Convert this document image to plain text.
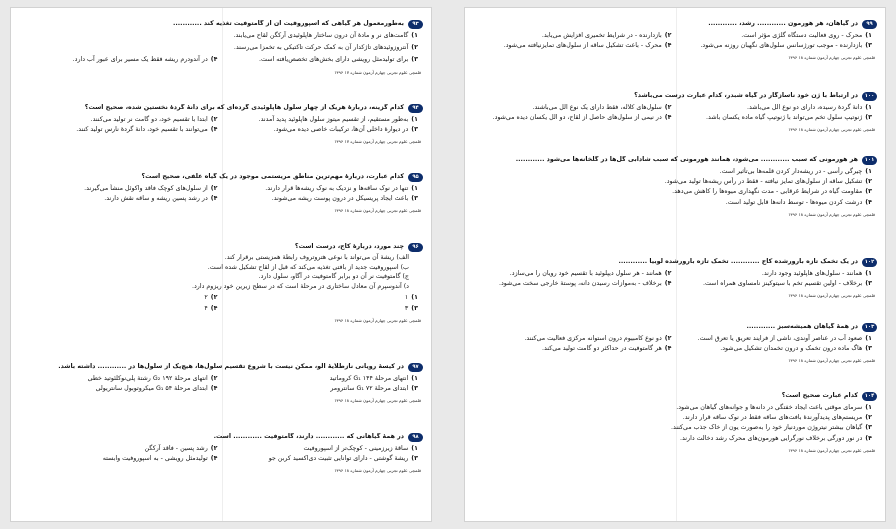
۹۹
در گیاهان، هر هورمون ............ رشد، ............
۱)
محرک - روی فعالیت دستگاه گلژی مؤثر است.
۲)
بازدارنده - در شرایط تخمیری افزایش می‌یابد.
۳)
بازدارنده - موجب تورژسانس سلول‌های نگهبان روزنه می‌شود.
۴)
محرک - باعث تشکیل ساقه از سلول‌های تمایزنیافته می‌شود.
قلمچی علوم تجربی چهارم آزمون شماره ۱۸ ۱۳۹۶
۱۰۰
در ارتباط با ژن خود ناسازگار در گیاه شبدر، کدام عبارت درست می‌باشد؟
۱)
دانهٔ گردهٔ رسیده، دارای دو نوع الل می‌باشد.
۲)
سلول‌های کلاله، فقط دارای یک نوع الل می‌باشند.
۳)
ژنوتیپ سلول تخم می‌تواند با ژنوتیپ گیاه ماده یکسان باشد.
۴)
در نیمی از سلول‌های حاصل از لقاح، دو الل یکسان دیده می‌شود.
قلمچی علوم تجربی چهارم آزمون شماره ۱۸ ۱۳۹۶
۱۰۱
هر هورمونی که سبب ............ می‌شود، همانند هورمونی که سبب شادابی گل‌ها در گلخانه‌ها می‌شود ............
۱)
چیرگی رأسی - در ریشه‌دار کردن قلمه‌ها بی‌تأثیر است.
۲)
تشکیل ساقه از سلول‌های تمایز نیافته - فقط در رأس ریشه‌ها تولید می‌شود.
۳)
مقاومت گیاه در شرایط غرقابی - مدت نگهداری میوه‌ها را کاهش می‌دهد.
۴)
درشت کردن میوه‌ها - توسط دانه‌ها قابل تولید است.
قلمچی علوم تجربی چهارم آزمون شماره ۱۸ ۱۳۹۶
۱۰۲
در یک تخمک تازه بارورشده کاج ............ تخمک تازه بارورشده لوبیا ............
۱)
همانند - سلول‌های هاپلوئید وجود دارند.
۲)
همانند - هر سلول دیپلوئید با تقسیم خود رویان را می‌سازد.
۳)
برخلاف - اولین تقسیم تخم با سیتوکینز نامساوی همراه است.
۴)
برخلاف - به‌موازات رسیدن دانه، پوستهٔ خارجی سخت می‌شود.
قلمچی علوم تجربی چهارم آزمون شماره ۱۸ ۱۳۹۶
۱۰۳
در همهٔ گیاهان همیشه‌سبز ............
۱)
صعود آب در عناصر آوندی، ناشی از فرایند تعریق یا تعرق است.
۲)
دو نوع کامبیوم درون استوانه مرکزی فعالیت می‌کنند.
۳)
هاگ ماده درون تخمک و درون تخمدان تشکیل می‌شود.
۴)
هر گامتوفیت در حداکثر دو گامت تولید می‌کند.
قلمچی علوم تجربی چهارم آزمون شماره ۱۸ ۱۳۹۶
۱۰۴
کدام عبارت صحیح است؟
۱)
سرمای موقتی باعث ایجاد خفتگی در دانه‌ها و جوانه‌های گیاهان می‌شود.
۲)
مریستم‌های پدیدآورندهٔ بافت‌های ساقه فقط در نوک ساقه قرار دارند.
۳)
گیاهان بیشتر نیتروژن موردنیاز خود را به‌صورت یون از خاک جذب می‌کنند.
۴)
در نور دورگی برخلاف نورگرایی هورمون‌های محرک رشد دخالت دارند.
قلمچی علوم تجربی چهارم آزمون شماره ۱۸ ۱۳۹۶
۹۳
به‌طورمعمول هر گیاهی که اسپوروفیت آن از گامتوفیت تغذیه کند ............
۱)
گامت‌های نر و مادهٔ آن درون ساختار هاپلوئیدی آرکگن لقاح می‌یابند.
۲)
آنتروزوئیدهای تاژکدار آن به کمک حرکت تاکتیکی به تخمزا می‌رسند.
۳)
برای تولیدمثل رویشی دارای بخش‌های تخصص‌یافته است.
۴)
در آندودرم ریشه فقط یک مسیر برای عبور آب دارد.
قلمچی علوم تجربی چهارم آزمون شماره ۱۷ ۱۳۹۶
۹۴
کدام گزینه، دربارهٔ هریک از چهار سلول هاپلوئیدی گرده‌ای که برای دانهٔ گردهٔ نخستین شده، صحیح است؟
۱)
به‌طور مستقیم، از تقسیم میتوز سلول هاپلوئید پدید آمدند.
۲)
ابتدا با تقسیم خود، دو گامت نر تولید می‌کنند.
۳)
در دیوارهٔ داخلی آن‌ها، ترکیبات خاصی دیده می‌شود.
۴)
می‌توانند با تقسیم خود، دانهٔ گردهٔ نارس تولید کنند.
قلمچی علوم تجربی چهارم آزمون شماره ۱۷ ۱۳۹۶
۹۵
کدام عبارت، دربارهٔ مهم‌ترین مناطق مریستمی موجود در یک گیاه علفی، صحیح است؟
۱)
تنها در نوک ساقه‌ها و نزدیک به نوک ریشه‌ها قرار دارند.
۲)
از سلول‌های کوچک فاقد واکوئل منشأ می‌گیرند.
۳)
باعث ایجاد پریسیکل در درون پوست ریشه می‌شوند.
۴)
در رشد پسین ریشه و ساقه نقش دارند.
قلمچی علوم تجربی چهارم آزمون شماره ۱۸ ۱۳۹۶
۹۶
چند مورد، دربارهٔ کاج، درست است؟
الف) ریشهٔ آن می‌تواند با نوعی هتروتروف رابطهٔ همزیستی برقرار کند.
ب) اسپوروفیت جدید از بافتی تغذیه می‌کند که قبل از لقاح تشکیل شده است.
ج) گامتوفیت نر آن دو برابر گامتوفیت در آگاو، سلول دارد.
د) آندوسپرم آن معادل ساختاری در مرحلهٔ است که در سطح زیرین خود ریزوم دارد.
۱)
۱
۲)
۲
۳)
۳
۴)
۴
قلمچی علوم تجربی چهارم آزمون شماره ۱۸ ۱۳۹۶
۹۷
در کیسهٔ رویانی نازطلایهٔ آلو، ممکن نیست با شروع تقسیم سلول‌ها، هیچ‌یک از سلول‌ها در ............ داشته باشد.
۱)
انتهای مرحلهٔ G₁ ۱۴۴ کروماتید
۲)
انتهای مرحلهٔ G₂ ۱۹۲ رشتهٔ پلی‌نوکلئوتید خطی
۳)
ابتدای مرحلهٔ G₁ ۷۲ سانترومر
۴)
ابتدای مرحلهٔ G₁ ۵۴ میکروتوبول سانتریولی
قلمچی علوم تجربی چهارم آزمون شماره ۱۸ ۱۳۹۶
۹۸
در همهٔ گیاهانی که ............ دارند، گامتوفیت ............ است.
۱)
ساقهٔ زیرزمینی - کوچک‌تر از اسپوروفیت
۲)
رشد پسین - فاقد آرکگن
۳)
ریشهٔ گوشتی - دارای توانایی تثبیت دی‌اکسید کربن جو
۴)
تولیدمثل رویشی - به اسپوروفیت وابسته
قلمچی علوم تجربی چهارم آزمون شماره ۱۸ ۱۳۹۶
